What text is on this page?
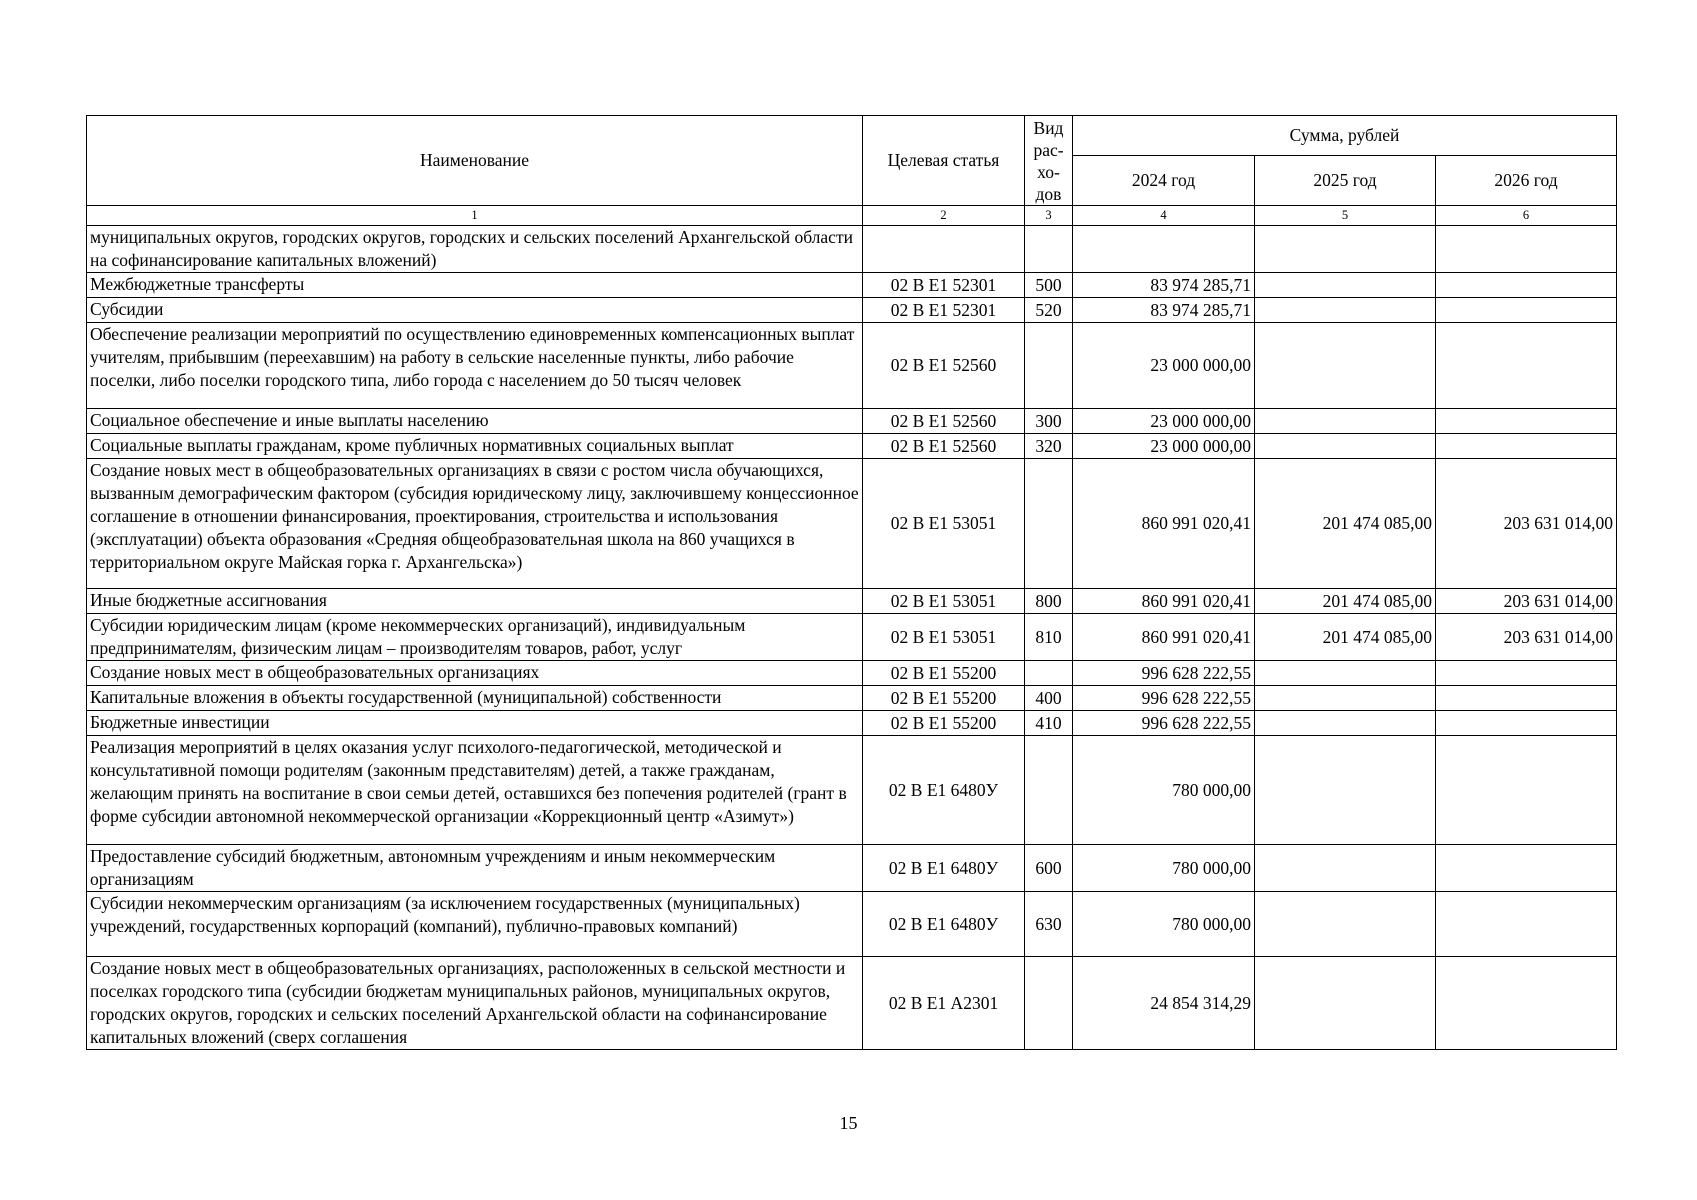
Наименование	Целевая статья	Вид
рас-
хо-
дов	Сумма, рублей		
			2024 год	2025 год	2026 год
1	2	3	4	5	6
муниципальных округов, городских округов, городских и сельских поселений Архангельской области на софинансирование капитальных вложений)					
Межбюджетные трансферты	02 В Е1 52301	500	83 974 285,71		
Субсидии	02 В Е1 52301	520	83 974 285,71		
Обеспечение реализации мероприятий по осуществлению единовременных компенсационных выплат учителям, прибывшим (переехавшим) на работу в сельские населенные пункты, либо рабочие поселки, либо поселки городского типа, либо города с населением до 50 тысяч человек	02 В Е1 52560		23 000 000,00		
Социальное обеспечение и иные выплаты населению	02 В Е1 52560	300	23 000 000,00		
Социальные выплаты гражданам, кроме публичных нормативных социальных выплат	02 В Е1 52560	320	23 000 000,00		
Создание новых мест в общеобразовательных организациях в связи с ростом числа обучающихся, вызванным демографическим фактором (субсидия юридическому лицу, заключившему концессионное соглашение в отношении финансирования, проектирования, строительства и использования (эксплуатации) объекта образования «Средняя общеобразовательная школа на 860 учащихся в территориальном округе Майская горка г. Архангельска»)	02 В Е1 53051		860 991 020,41	201 474 085,00	203 631 014,00
Иные бюджетные ассигнования	02 В Е1 53051	800	860 991 020,41	201 474 085,00	203 631 014,00
Субсидии юридическим лицам (кроме некоммерческих организаций), индивидуальным предпринимателям, физическим лицам – производителям товаров, работ, услуг	02 В Е1 53051	810	860 991 020,41	201 474 085,00	203 631 014,00
Создание новых мест в общеобразовательных организациях	02 В Е1 55200		996 628 222,55		
Капитальные вложения в объекты государственной (муниципальной) собственности	02 В Е1 55200	400	996 628 222,55		
Бюджетные инвестиции	02 В Е1 55200	410	996 628 222,55		
Реализация мероприятий в целях оказания услуг психолого-педагогической, методической и консультативной помощи родителям (законным представителям) детей, а также гражданам, желающим принять на воспитание в свои семьи детей, оставшихся без попечения родителей (грант в форме субсидии автономной некоммерческой организации «Коррекционный центр «Азимут»)	02 В Е1 6480У		780 000,00		
Предоставление субсидий бюджетным, автономным учреждениям и иным некоммерческим организациям	02 В Е1 6480У	600	780 000,00		
Субсидии некоммерческим организациям (за исключением государственных (муниципальных) учреждений, государственных корпораций (компаний), публично-правовых компаний)	02 В Е1 6480У	630	780 000,00		
Создание новых мест в общеобразовательных организациях, расположенных в сельской местности и поселках городского типа (субсидии бюджетам муниципальных районов, муниципальных округов, городских округов, городских и сельских поселений Архангельской области на софинансирование капитальных вложений (сверх соглашения	02 В Е1 А2301		24 854 314,29		
15
